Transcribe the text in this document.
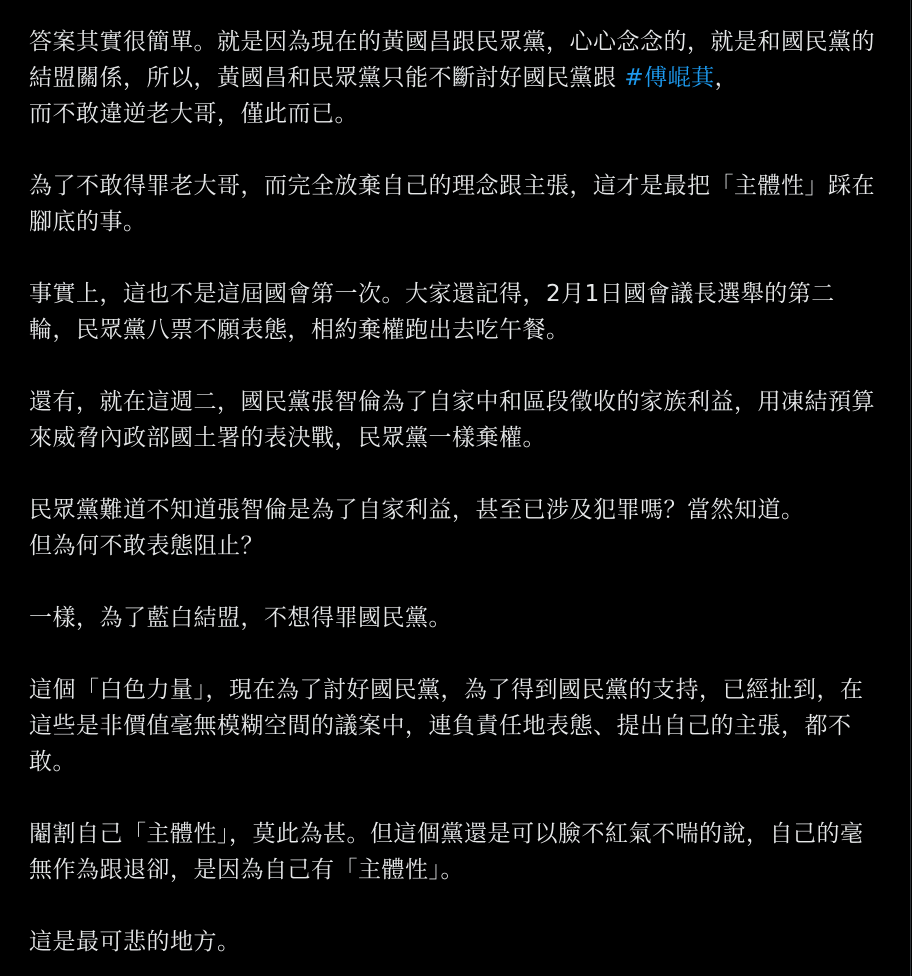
答案其實很簡單。就是因為現在的黃國昌跟民眾黨，心心念念的，就是和國民黨的結盟關係，所以，黃國昌和民眾黨只能不斷討好國民黨跟 #傅崐萁，
而不敢違逆老大哥，僅此而已。

為了不敢得罪老大哥，而完全放棄自己的理念跟主張，這才是最把「主體性」踩在腳底的事。

事實上，這也不是這屆國會第一次。大家還記得，2月1日國會議長選舉的第二輪，民眾黨八票不願表態，相約棄權跑出去吃午餐。

還有，就在這週二，國民黨張智倫為了自家中和區段徵收的家族利益，用凍結預算來威脅內政部國土署的表決戰，民眾黨一樣棄權。

民眾黨難道不知道張智倫是為了自家利益，甚至已涉及犯罪嗎？當然知道。
但為何不敢表態阻止？

一樣，為了藍白結盟，不想得罪國民黨。

這個「白色力量」，現在為了討好國民黨，為了得到國民黨的支持，已經扯到，在這些是非價值毫無模糊空間的議案中，連負責任地表態、提出自己的主張，都不敢。

閹割自己「主體性」，莫此為甚。但這個黨還是可以臉不紅氣不喘的說，自己的毫無作為跟退卻，是因為自己有「主體性」。

這是最可悲的地方。
